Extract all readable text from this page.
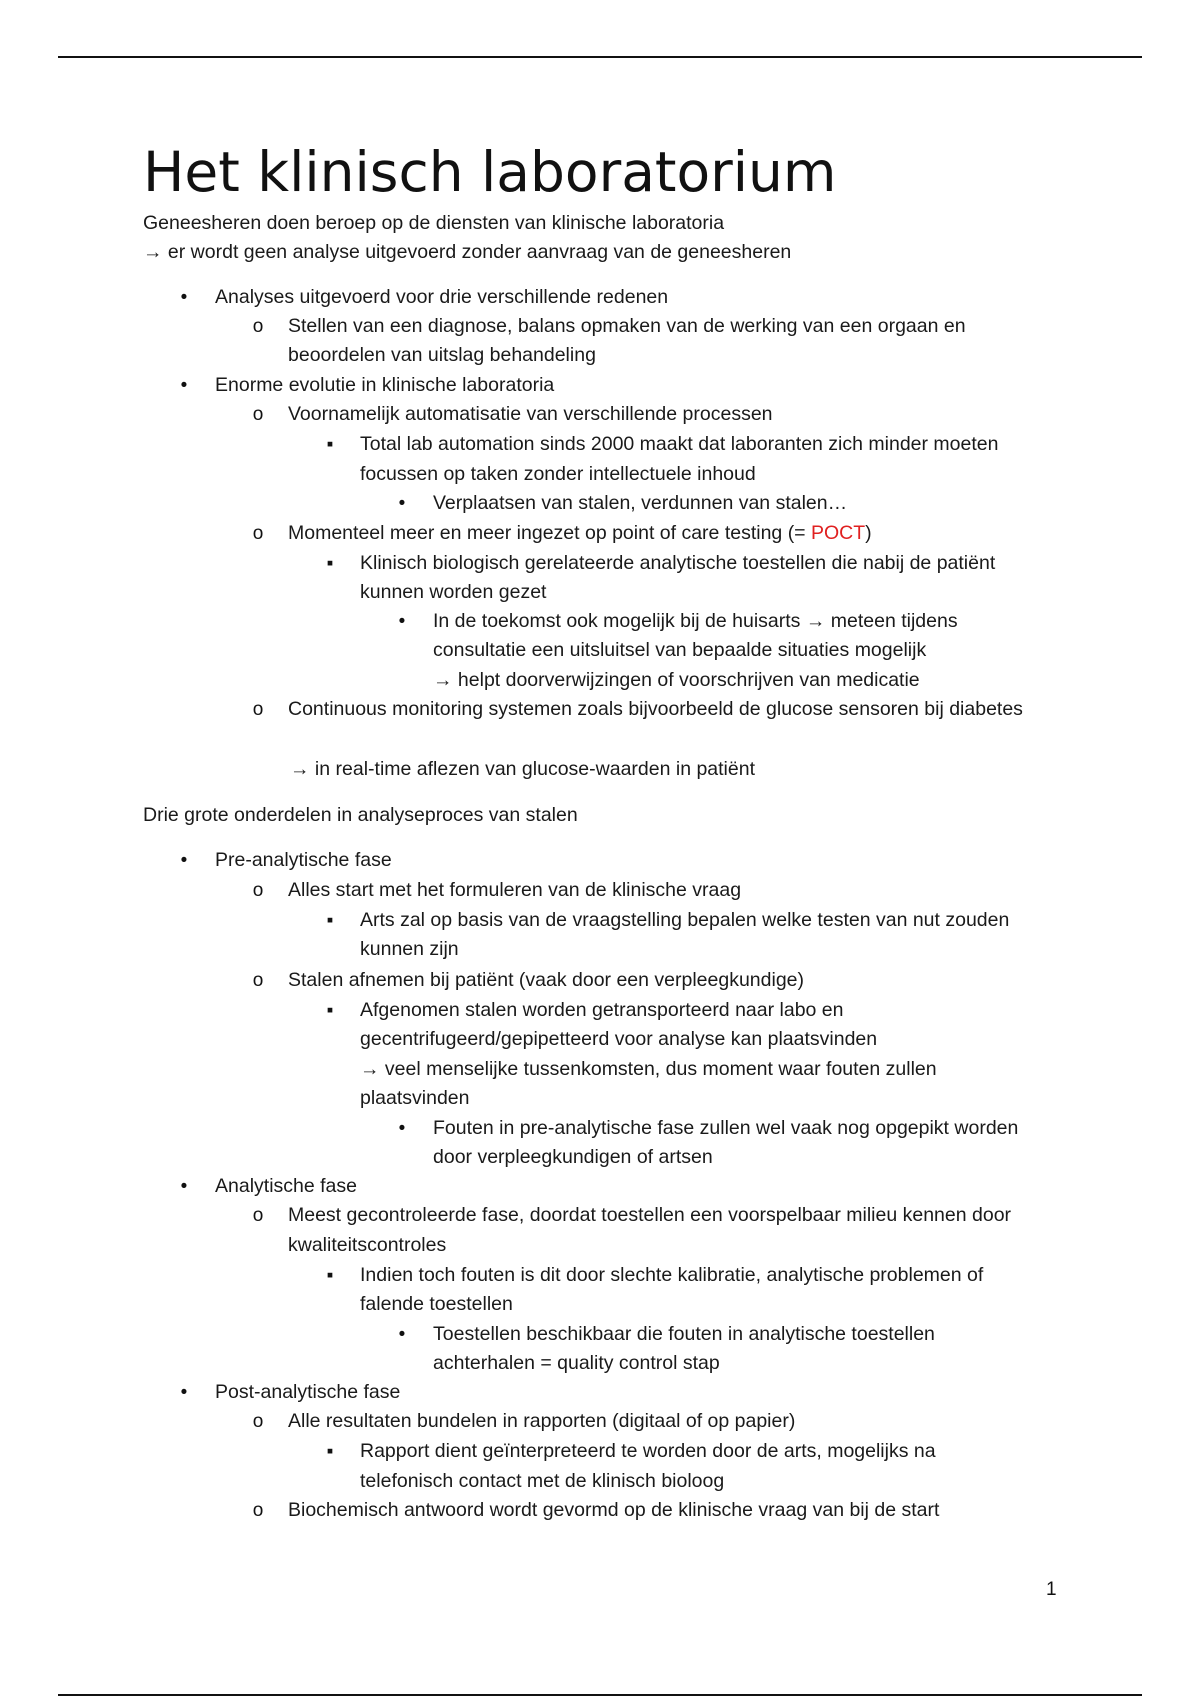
Het klinisch laboratorium
Geneesheren doen beroep op de diensten van klinische laboratoria
→ er wordt geen analyse uitgevoerd zonder aanvraag van de geneesheren
•	Analyses uitgevoerd voor drie verschillende redenen
o Stellen van een diagnose, balans opmaken van de werking van een orgaan en
beoordelen van uitslag behandeling
•	Enorme evolutie in klinische laboratoria
o Voornamelijk automatisatie van verschillende processen
▪	Total lab automation sinds 2000 maakt dat laboranten zich minder moeten
focussen op taken zonder intellectuele inhoud
•	Verplaatsen van stalen, verdunnen van stalen…
o Momenteel meer en meer ingezet op point of care testing (= POCT)
▪	Klinisch biologisch gerelateerde analytische toestellen die nabij de patiënt
kunnen worden gezet
•	In de toekomst ook mogelijk bij de huisarts → meteen tijdens
consultatie een uitsluitsel van bepaalde situaties mogelijk
→ helpt doorverwijzingen of voorschrijven van medicatie
o Continuous monitoring systemen zoals bijvoorbeeld de glucose sensoren bij diabetes
→ in real-time aflezen van glucose-waarden in patiënt
Drie grote onderdelen in analyseproces van stalen
•	Pre-analytische fase
o Alles start met het formuleren van de klinische vraag
▪	Arts zal op basis van de vraagstelling bepalen welke testen van nut zouden
kunnen zijn
o Stalen afnemen bij patiënt (vaak door een verpleegkundige)
▪	Afgenomen stalen worden getransporteerd naar labo en
gecentrifugeerd/gepipetteerd voor analyse kan plaatsvinden
→ veel menselijke tussenkomsten, dus moment waar fouten zullen
plaatsvinden
•	Fouten in pre-analytische fase zullen wel vaak nog opgepikt worden
door verpleegkundigen of artsen
•	Analytische fase
o Meest gecontroleerde fase, doordat toestellen een voorspelbaar milieu kennen door
kwaliteitscontroles
▪	Indien toch fouten is dit door slechte kalibratie, analytische problemen of
falende toestellen
•	Toestellen beschikbaar die fouten in analytische toestellen
achterhalen = quality control stap
•	Post-analytische fase
o Alle resultaten bundelen in rapporten (digitaal of op papier)
▪	Rapport dient geïnterpreteerd te worden door de arts, mogelijks na
telefonisch contact met de klinisch bioloog
o Biochemisch antwoord wordt gevormd op de klinische vraag van bij de start
1
